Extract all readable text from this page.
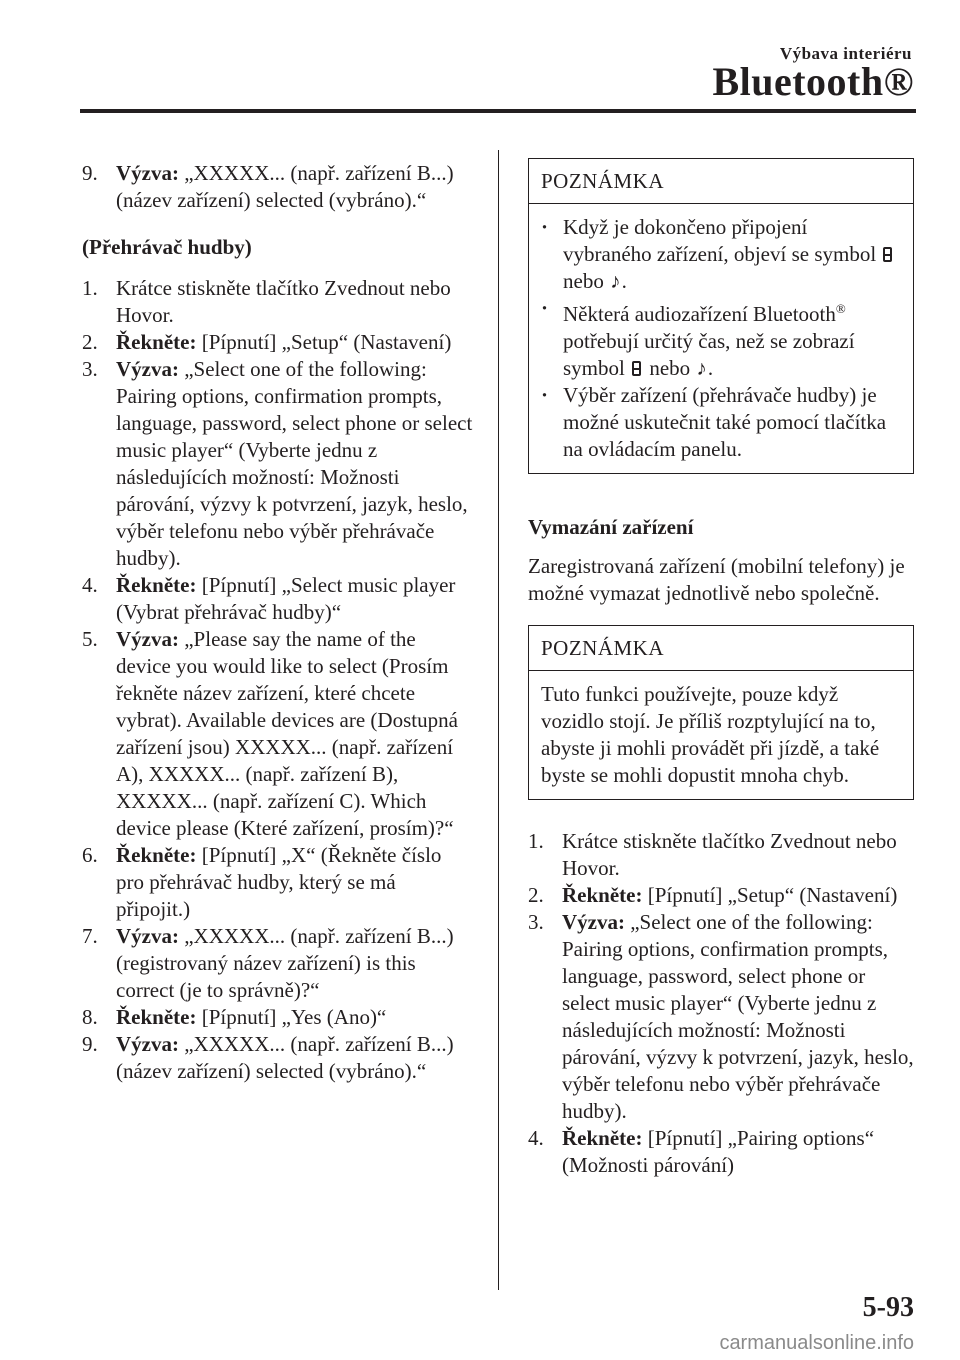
Výbava interiéru
Bluetooth®
9. Výzva: „XXXXX... (např. zařízení B...) (název zařízení) selected (vybráno).“
(Přehrávač hudby)
1. Krátce stiskněte tlačítko Zvednout nebo Hovor.
2. Řekněte: [Pípnutí] „Setup“ (Nastavení)
3. Výzva: „Select one of the following: Pairing options, confirmation prompts, language, password, select phone or select music player“ (Vyberte jednu z následujících možností: Možnosti párování, výzvy k potvrzení, jazyk, heslo, výběr telefonu nebo výběr přehrávače hudby).
4. Řekněte: [Pípnutí] „Select music player (Vybrat přehrávač hudby)“
5. Výzva: „Please say the name of the device you would like to select (Prosím řekněte název zařízení, které chcete vybrat). Available devices are (Dostupná zařízení jsou) XXXXX... (např. zařízení A), XXXXX... (např. zařízení B), XXXXX... (např. zařízení C). Which device please (Které zařízení, prosím)?“
6. Řekněte: [Pípnutí] „X“ (Řekněte číslo pro přehrávač hudby, který se má připojit.)
7. Výzva: „XXXXX... (např. zařízení B...) (registrovaný název zařízení) is this correct (je to správně)?“
8. Řekněte: [Pípnutí] „Yes (Ano)“
9. Výzva: „XXXXX... (např. zařízení B...) (název zařízení) selected (vybráno).“
POZNÁMKA
· Když je dokončeno připojení vybraného zařízení, objeví se symbol  nebo ♪.
· Některá audiozařízení Bluetooth® potřebují určitý čas, než se zobrazí symbol nebo ♪.
· Výběr zařízení (přehrávače hudby) je možné uskutečnit také pomocí tlačítka na ovládacím panelu.
Vymazání zařízení
Zaregistrovaná zařízení (mobilní telefony) je možné vymazat jednotlivě nebo společně.
POZNÁMKA
Tuto funkci používejte, pouze když vozidlo stojí. Je příliš rozptylující na to, abyste ji mohli provádět při jízdě, a také byste se mohli dopustit mnoha chyb.
1. Krátce stiskněte tlačítko Zvednout nebo Hovor.
2. Řekněte: [Pípnutí] „Setup“ (Nastavení)
3. Výzva: „Select one of the following: Pairing options, confirmation prompts, language, password, select phone or select music player“ (Vyberte jednu z následujících možností: Možnosti párování, výzvy k potvrzení, jazyk, heslo, výběr telefonu nebo výběr přehrávače hudby).
4. Řekněte: [Pípnutí] „Pairing options“ (Možnosti párování)
5-93
carmanualsonline.info
